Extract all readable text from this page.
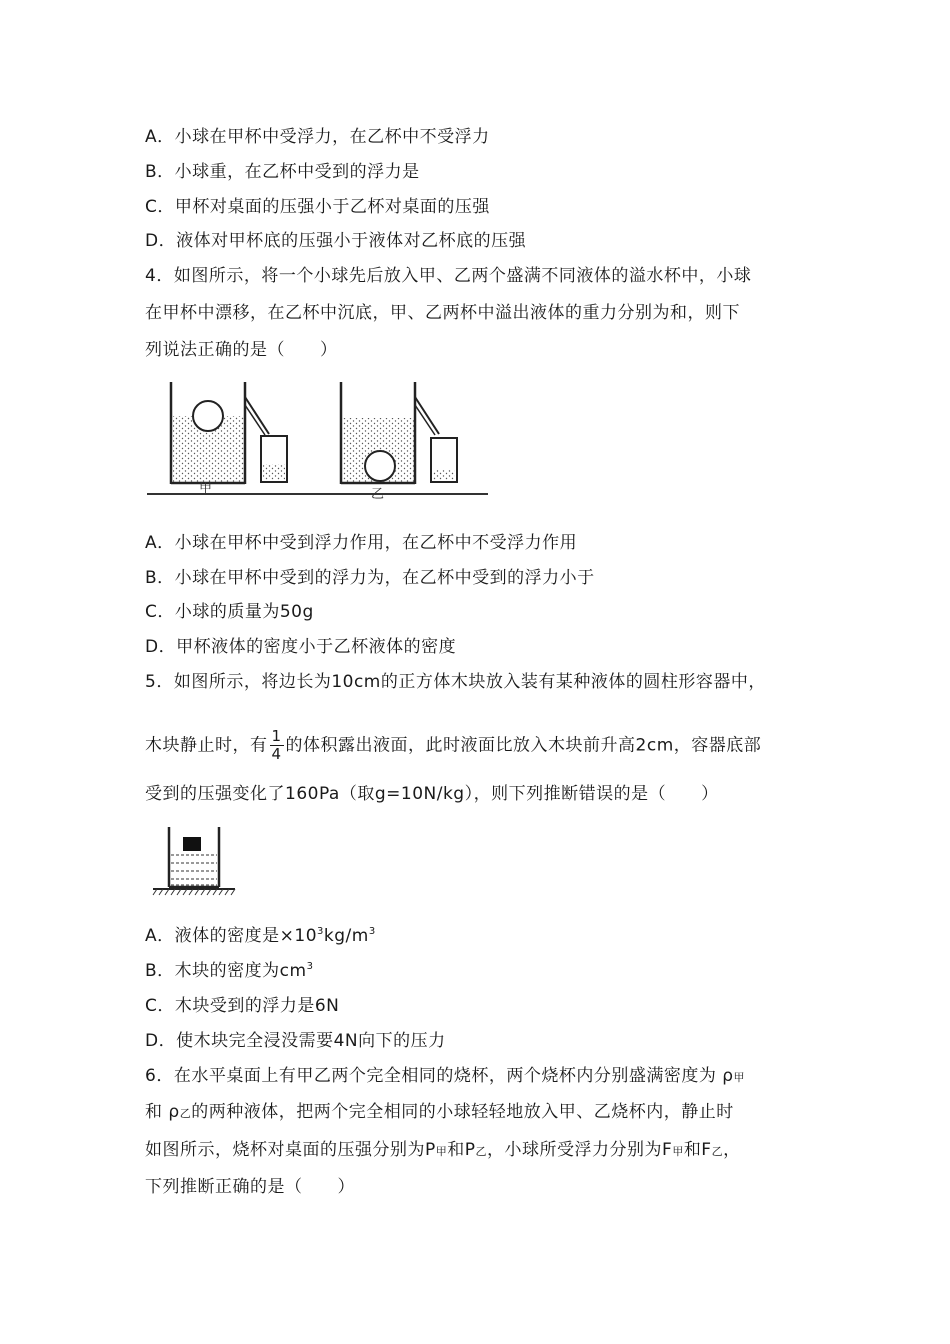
A．小球在甲杯中受浮力，在乙杯中不受浮力
B．小球重，在乙杯中受到的浮力是
C．甲杯对桌面的压强小于乙杯对桌面的压强
D．液体对甲杯底的压强小于液体对乙杯底的压强
4．如图所示，将一个小球先后放入甲、乙两个盛满不同液体的溢水杯中，小球
在甲杯中漂移，在乙杯中沉底，甲、乙两杯中溢出液体的重力分别为和，则下
列说法正确的是（　　）
甲	乙
A．小球在甲杯中受到浮力作用，在乙杯中不受浮力作用
B．小球在甲杯中受到的浮力为，在乙杯中受到的浮力小于
C．小球的质量为50g
D．甲杯液体的密度小于乙杯液体的密度
5．如图所示，将边长为10cm的正方体木块放入装有某种液体的圆柱形容器中，
木块静止时，有 $\frac{1}{4}$ 的体积露出液面，此时液面比放入木块前升高2cm，容器底部
受到的压强变化了160Pa（取g=10N/kg），则下列推断错误的是（　　）
A．液体的密度是$\times 10^3kg/m^3$
B．木块的密度为$cm^3$
C．木块受到的浮力是6N
D．使木块完全浸没需要4N向下的压力
6．在水平桌面上有甲乙两个完全相同的烧杯，两个烧杯内分别盛满密度为 ρ甲
和 ρ乙的两种液体，把两个完全相同的小球轻轻地放入甲、乙烧杯内，静止时
如图所示，烧杯对桌面的压强分别为P甲和P乙，小球所受浮力分别为F甲和F乙，
下列推断正确的是（　　）
